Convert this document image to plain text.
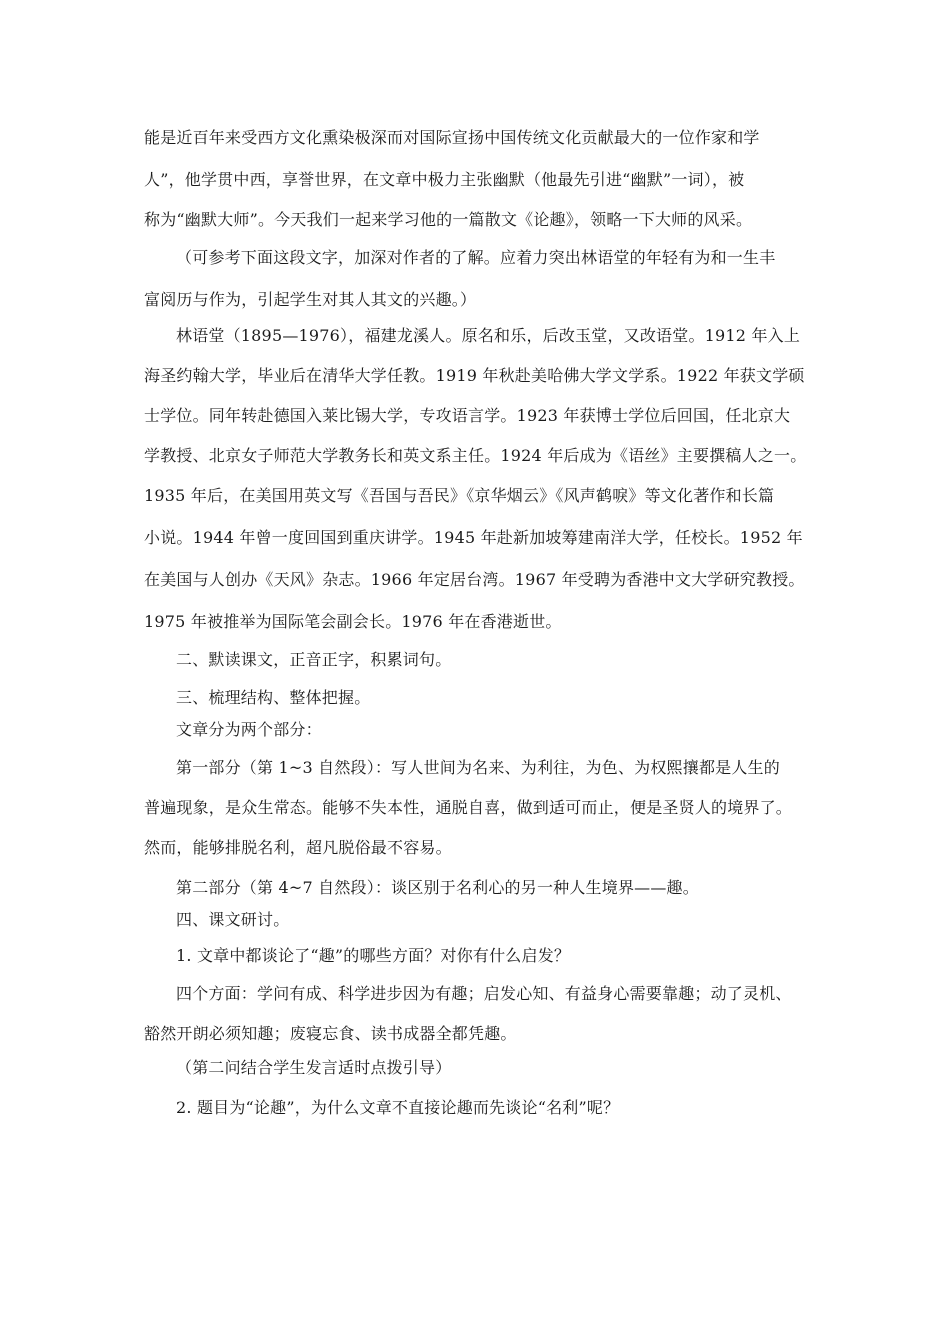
能是近百年来受西方文化熏染极深而对国际宣扬中国传统文化贡献最大的一位作家和学
人”，他学贯中西，享誉世界，在文章中极力主张幽默（他最先引进“幽默”一词），被
称为“幽默大师”。今天我们一起来学习他的一篇散文《论趣》，领略一下大师的风采。
（可参考下面这段文字，加深对作者的了解。应着力突出林语堂的年轻有为和一生丰
富阅历与作为，引起学生对其人其文的兴趣。）
林语堂（1895—1976），福建龙溪人。原名和乐，后改玉堂，又改语堂。1912 年入上
海圣约翰大学，毕业后在清华大学任教。1919 年秋赴美哈佛大学文学系。1922 年获文学硕
士学位。同年转赴德国入莱比锡大学，专攻语言学。1923 年获博士学位后回国，任北京大
学教授、北京女子师范大学教务长和英文系主任。1924 年后成为《语丝》主要撰稿人之一。
1935 年后，在美国用英文写《吾国与吾民》《京华烟云》《风声鹤唳》等文化著作和长篇
小说。1944 年曾一度回国到重庆讲学。1945 年赴新加坡筹建南洋大学，任校长。1952 年
在美国与人创办《天风》杂志。1966 年定居台湾。1967 年受聘为香港中文大学研究教授。
1975 年被推举为国际笔会副会长。1976 年在香港逝世。
二、默读课文，正音正字，积累词句。
三、梳理结构、整体把握。
文章分为两个部分：
第一部分（第 1~3 自然段）：写人世间为名来、为利往，为色、为权熙攘都是人生的
普遍现象，是众生常态。能够不失本性，通脱自喜，做到适可而止，便是圣贤人的境界了。
然而，能够排脱名利，超凡脱俗最不容易。
第二部分（第 4~7 自然段）：谈区别于名利心的另一种人生境界——趣。
四、课文研讨。
1. 文章中都谈论了“趣”的哪些方面？对你有什么启发？
四个方面：学问有成、科学进步因为有趣；启发心知、有益身心需要靠趣；动了灵机、
豁然开朗必须知趣；废寝忘食、读书成器全都凭趣。
（第二问结合学生发言适时点拨引导）
2. 题目为“论趣”，为什么文章不直接论趣而先谈论“名利”呢？
